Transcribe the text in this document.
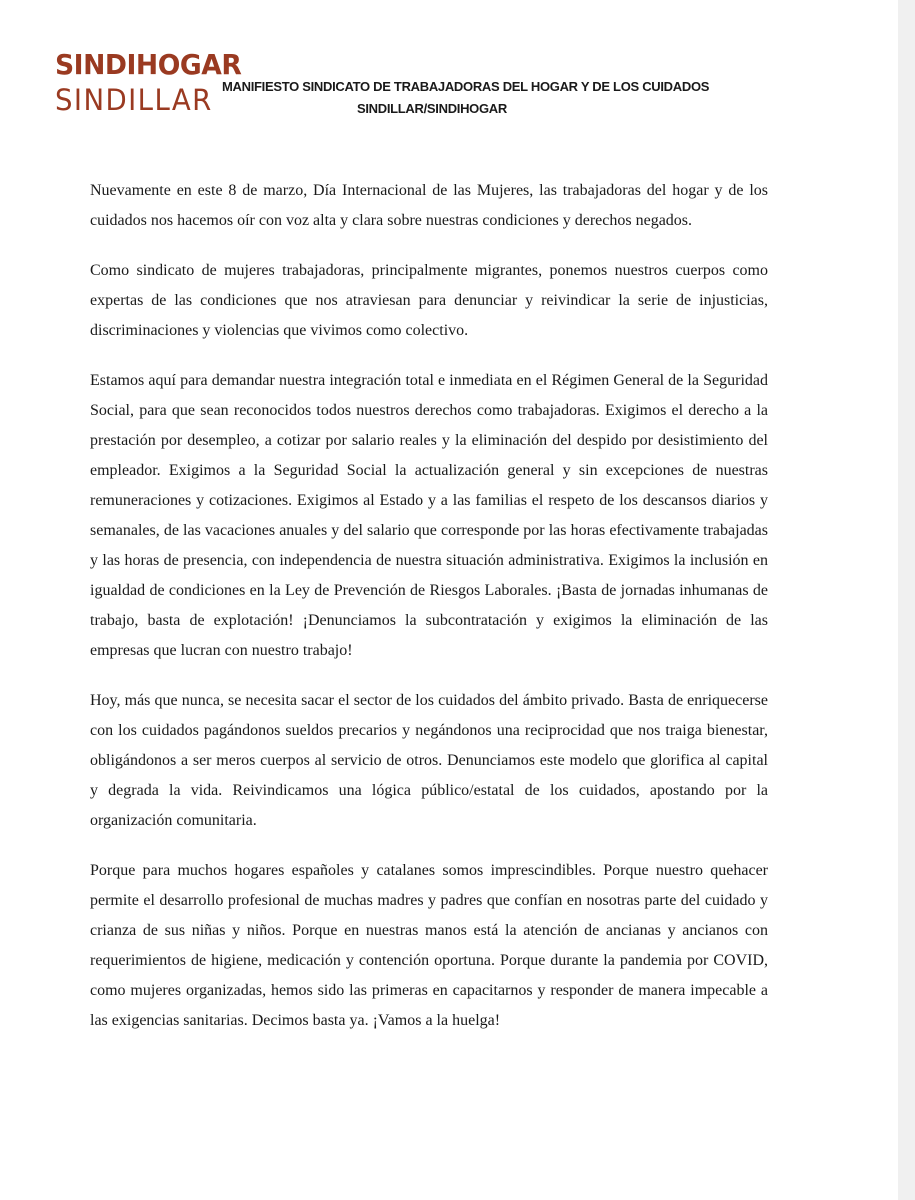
SINDIHOGAR
SINDILLAR MANIFIESTO SINDICATO DE TRABAJADORAS DEL HOGAR Y DE LOS CUIDADOS
SINDILLAR/SINDIHOGAR

Nuevamente en este 8 de marzo, Día Internacional de las Mujeres, las trabajadoras del hogar y de los cuidados nos hacemos oír con voz alta y clara sobre nuestras condiciones y derechos negados.

Como sindicato de mujeres trabajadoras, principalmente migrantes, ponemos nuestros cuerpos como expertas de las condiciones que nos atraviesan para denunciar y reivindicar la serie de injusticias, discriminaciones y violencias que vivimos como colectivo.

Estamos aquí para demandar nuestra integración total e inmediata en el Régimen General de la Seguridad Social, para que sean reconocidos todos nuestros derechos como trabajadoras. Exigimos el derecho a la prestación por desempleo, a cotizar por salario reales y la eliminación del despido por desistimiento del empleador. Exigimos a la Seguridad Social la actualización general y sin excepciones de nuestras remuneraciones y cotizaciones. Exigimos al Estado y a las familias el respeto de los descansos diarios y semanales, de las vacaciones anuales y del salario que corresponde por las horas efectivamente trabajadas y las horas de presencia, con independencia de nuestra situación administrativa. Exigimos la inclusión en igualdad de condiciones en la Ley de Prevención de Riesgos Laborales. ¡Basta de jornadas inhumanas de trabajo, basta de explotación! ¡Denunciamos la subcontratación y exigimos la eliminación de las empresas que lucran con nuestro trabajo!

Hoy, más que nunca, se necesita sacar el sector de los cuidados del ámbito privado. Basta de enriquecerse con los cuidados pagándonos sueldos precarios y negándonos una reciprocidad que nos traiga bienestar, obligándonos a ser meros cuerpos al servicio de otros. Denunciamos este modelo que glorifica al capital y degrada la vida. Reivindicamos una lógica público/estatal de los cuidados, apostando por la organización comunitaria.

Porque para muchos hogares españoles y catalanes somos imprescindibles. Porque nuestro quehacer permite el desarrollo profesional de muchas madres y padres que confían en nosotras parte del cuidado y crianza de sus niñas y niños. Porque en nuestras manos está la atención de ancianas y ancianos con requerimientos de higiene, medicación y contención oportuna. Porque durante la pandemia por COVID, como mujeres organizadas, hemos sido las primeras en capacitarnos y responder de manera impecable a las exigencias sanitarias. Decimos basta ya. ¡Vamos a la huelga!
